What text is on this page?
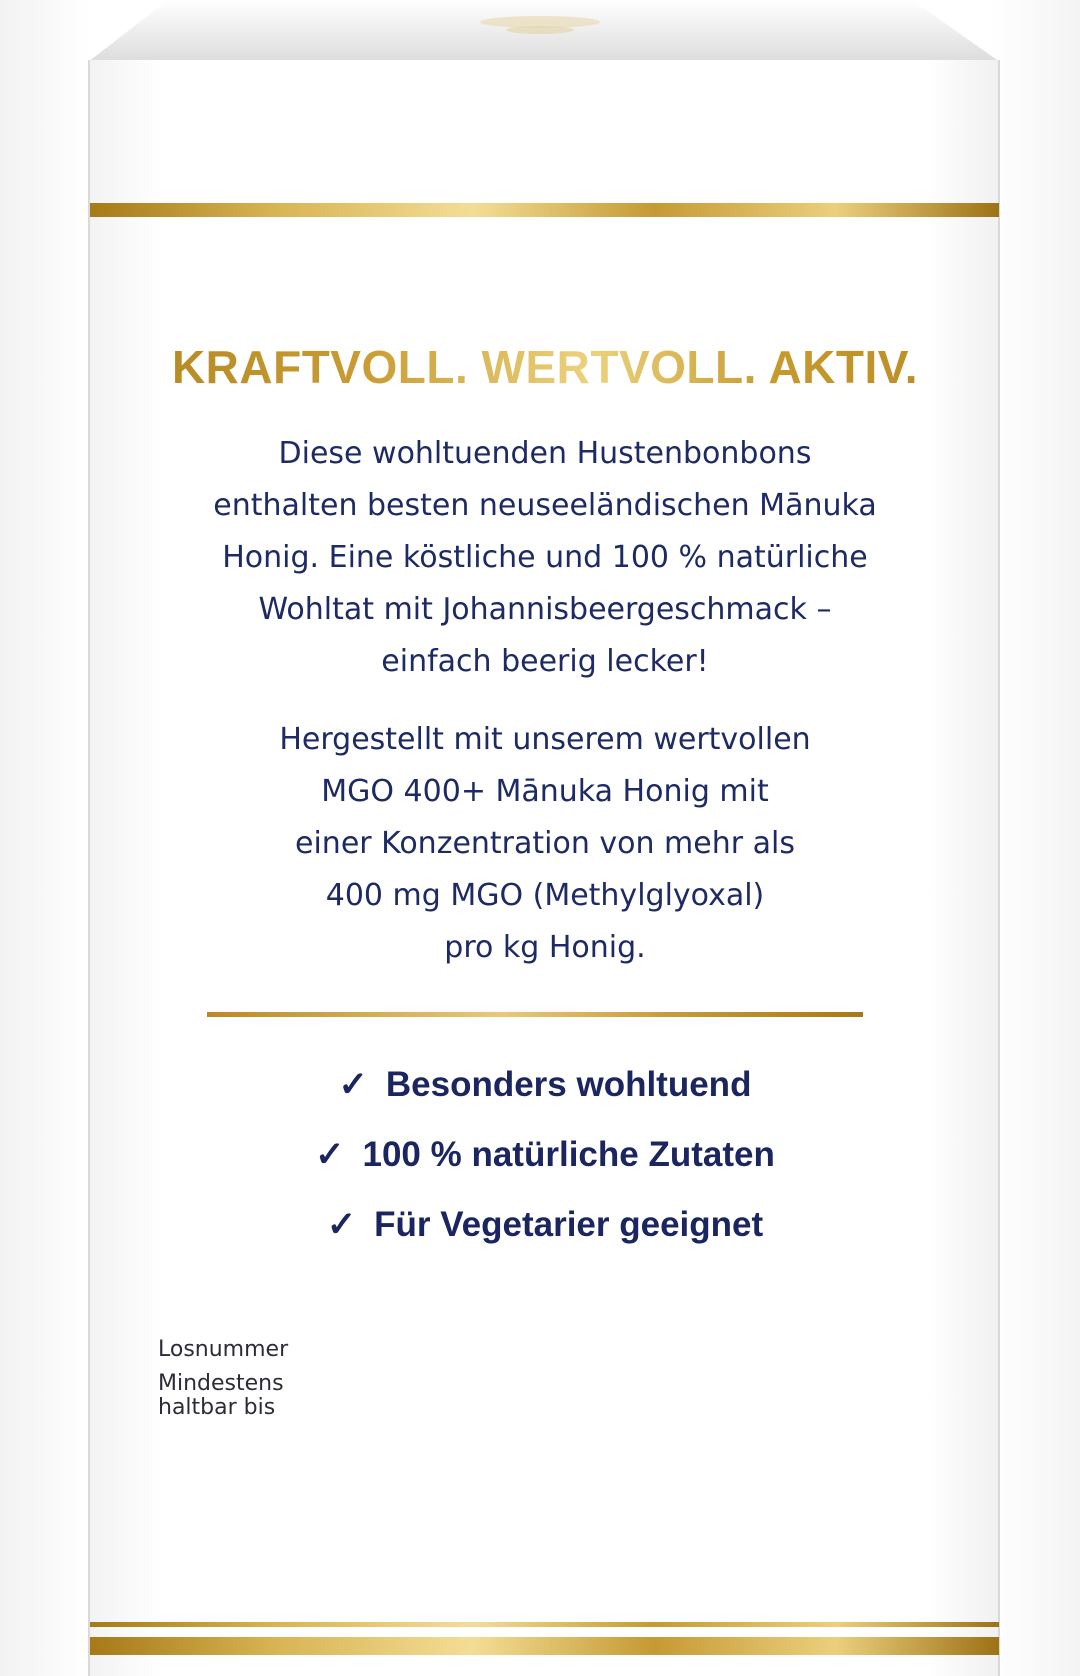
KRAFTVOLL. WERTVOLL. AKTIV.
Diese wohltuenden Hustenbonbons
enthalten besten neuseeländischen Mānuka
Honig. Eine köstliche und 100 % natürliche
Wohltat mit Johannisbeergeschmack –
einfach beerig lecker!
Hergestellt mit unserem wertvollen
MGO 400+ Mānuka Honig mit
einer Konzentration von mehr als
400 mg MGO (Methylglyoxal)
pro kg Honig.
✓ Besonders wohltuend
✓ 100 % natürliche Zutaten
✓ Für Vegetarier geeignet
Losnummer
Mindestens
haltbar bis
